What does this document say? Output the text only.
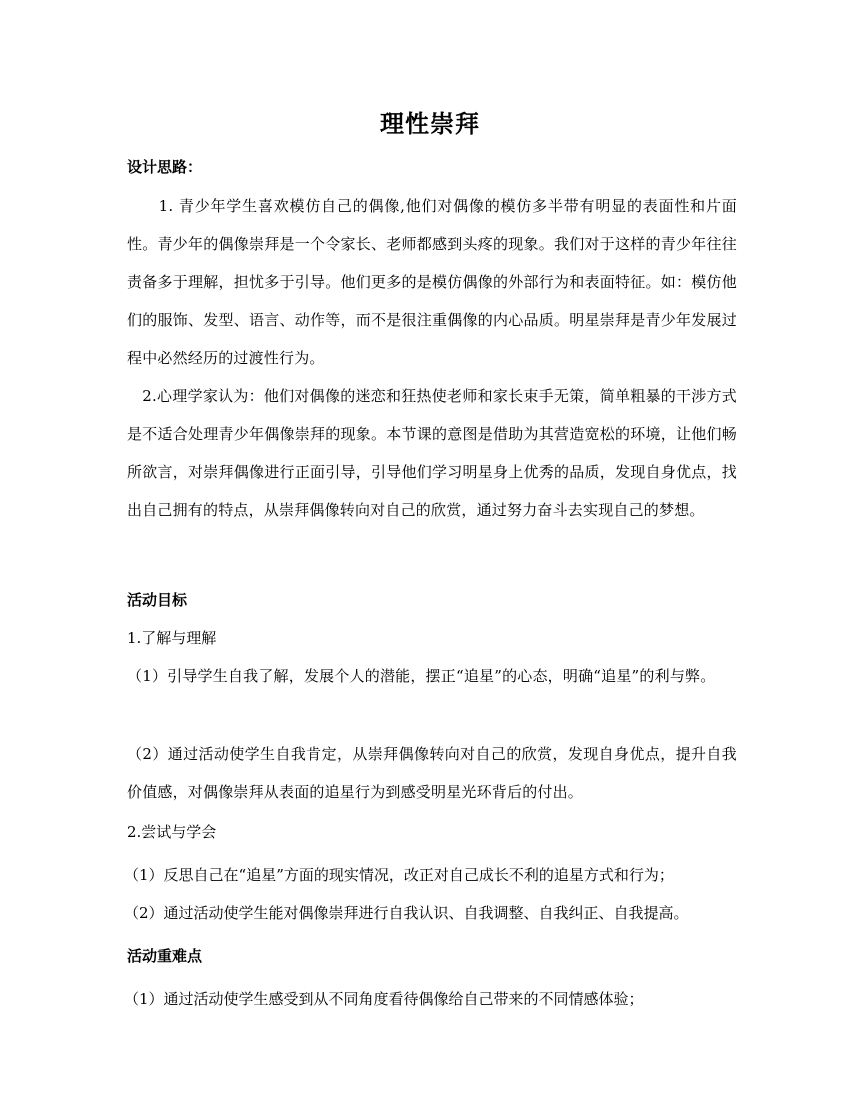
理性崇拜
设计思路：
　　1. 青少年学生喜欢模仿自己的偶像,他们对偶像的模仿多半带有明显的表面性和片面性。青少年的偶像崇拜是一个令家长、老师都感到头疼的现象。我们对于这样的青少年往往责备多于理解，担忧多于引导。他们更多的是模仿偶像的外部行为和表面特征。如：模仿他们的服饰、发型、语言、动作等，而不是很注重偶像的内心品质。明星崇拜是青少年发展过程中必然经历的过渡性行为。
　2.心理学家认为：他们对偶像的迷恋和狂热使老师和家长束手无策，简单粗暴的干涉方式是不适合处理青少年偶像崇拜的现象。本节课的意图是借助为其营造宽松的环境，让他们畅所欲言，对崇拜偶像进行正面引导，引导他们学习明星身上优秀的品质，发现自身优点，找出自己拥有的特点，从崇拜偶像转向对自己的欣赏，通过努力奋斗去实现自己的梦想。
活动目标
1.了解与理解
（1）引导学生自我了解，发展个人的潜能，摆正“追星”的心态，明确“追星”的利与弊。
（2）通过活动使学生自我肯定，从崇拜偶像转向对自己的欣赏，发现自身优点，提升自我价值感，对偶像崇拜从表面的追星行为到感受明星光环背后的付出。
2.尝试与学会
（1）反思自己在“追星”方面的现实情况，改正对自己成长不利的追星方式和行为；
（2）通过活动使学生能对偶像崇拜进行自我认识、自我调整、自我纠正、自我提高。
活动重难点
（1）通过活动使学生感受到从不同角度看待偶像给自己带来的不同情感体验；
